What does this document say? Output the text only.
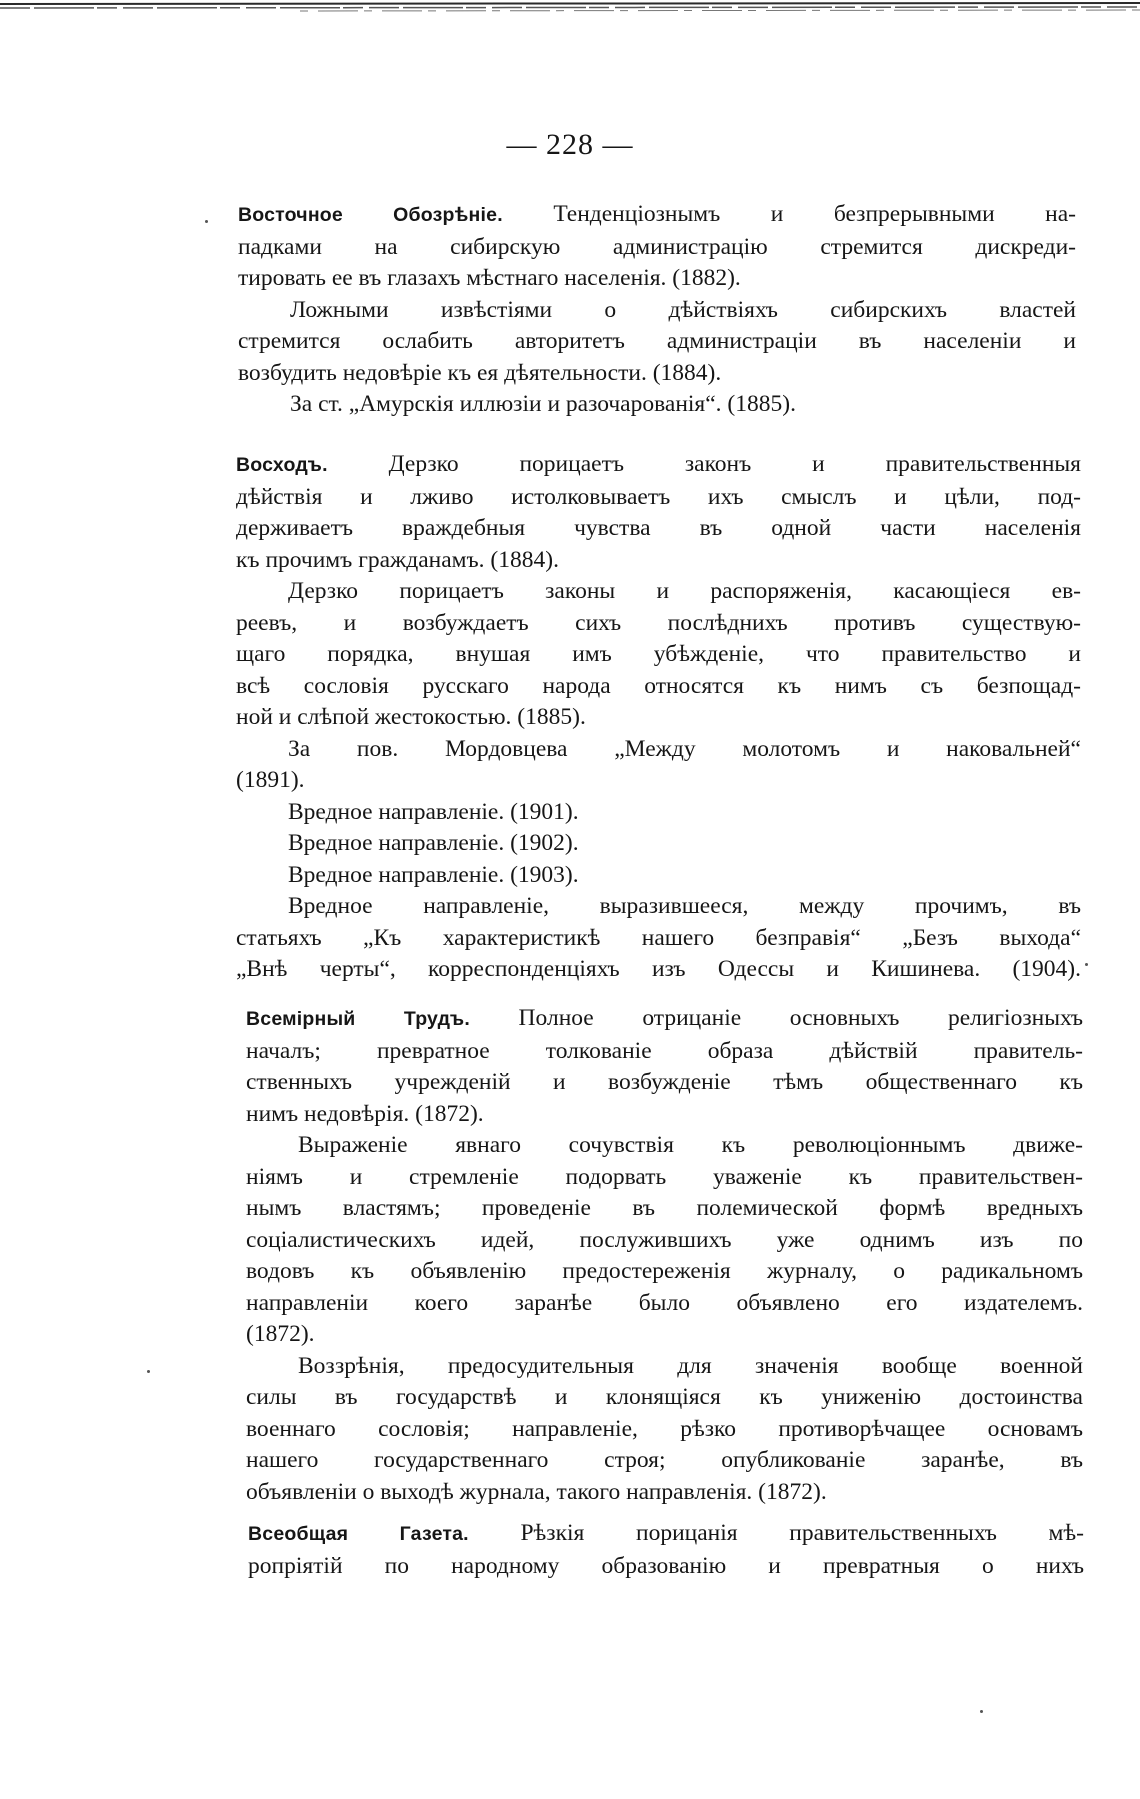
— 228 —
Восточное Обозрѣніе. Тенденціознымъ и безпрерывными на-
падками на сибирскую администрацію стремится дискреди-
тировать ее въ глазахъ мѣстнаго населенія. (1882).
Ложными извѣстіями о дѣйствіяхъ сибирскихъ властей
стремится ослабить авторитетъ администраціи въ населеніи и
возбудить недовѣріе къ ея дѣятельности. (1884).
За ст. „Амурскія иллюзіи и разочарованія“. (1885).
Восходъ. Дерзко порицаетъ законъ и правительственныя
дѣйствія и лживо истолковываетъ ихъ смыслъ и цѣли, под-
держиваетъ враждебныя чувства въ одной части населенія
къ прочимъ гражданамъ. (1884).
Дерзко порицаетъ законы и распоряженія, касающіеся ев-
реевъ, и возбуждаетъ сихъ послѣднихъ противъ существую-
щаго порядка, внушая имъ убѣжденіе, что правительство и
всѣ сословія русскаго народа относятся къ нимъ съ безпощад-
ной и слѣпой жестокостью. (1885).
За пов. Мордовцева „Между молотомъ и наковальней“
(1891).
Вредное направленіе. (1901).
Вредное направленіе. (1902).
Вредное направленіе. (1903).
Вредное направленіе, выразившееся, между прочимъ, въ
статьяхъ „Къ характеристикѣ нашего безправія“ „Безъ выхода“
„Внѣ черты“, корреспонденціяхъ изъ Одессы и Кишинева. (1904).
Всемірный Трудъ. Полное отрицаніе основныхъ религіозныхъ
началъ; превратное толкованіе образа дѣйствій правитель-
ственныхъ учрежденій и возбужденіе тѣмъ общественнаго къ
нимъ недовѣрія. (1872).
Выраженіе явнаго сочувствія къ революціоннымъ движе-
ніямъ и стремленіе подорвать уваженіе къ правительствен-
нымъ властямъ; проведеніе въ полемической формѣ вредныхъ
соціалистическихъ идей, послужившихъ уже однимъ изъ по
водовъ къ объявленію предостереженія журналу, о радикальномъ
направленіи коего заранѣе было объявлено его издателемъ.
(1872).
Воззрѣнія, предосудительныя для значенія вообще военной
силы въ государствѣ и клонящіяся къ униженію достоинства
военнаго сословія; направленіе, рѣзко противорѣчащее основамъ
нашего государственнаго строя; опубликованіе заранѣе, въ
объявленіи о выходѣ журнала, такого направленія. (1872).
Всеобщая Газета. Рѣзкія порицанія правительственныхъ мѣ-
ропріятій по народному образованію и превратныя о нихъ
